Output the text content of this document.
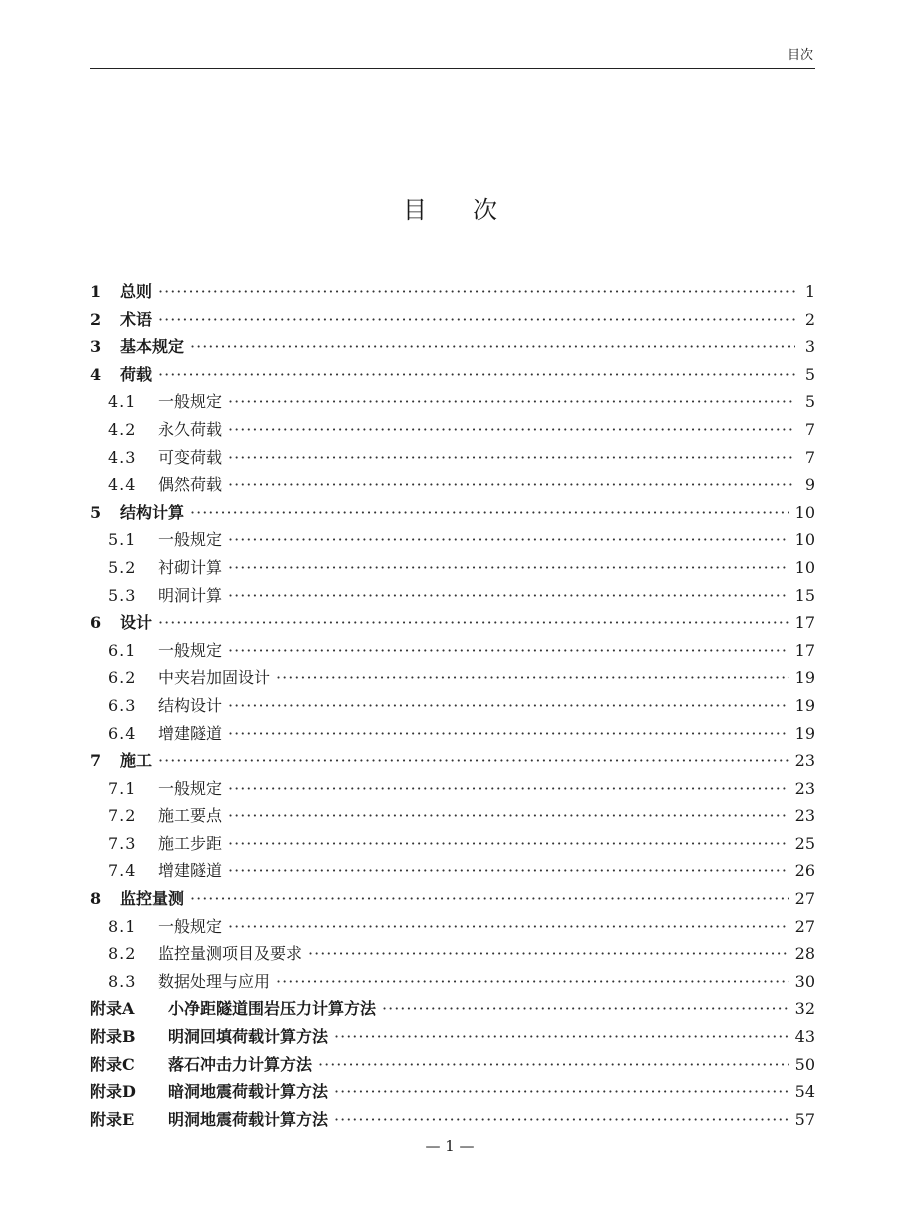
目次
目次
1	总则 ·····	1
2	术语 ·····	2
3	基本规定 ·····	3
4	荷载 ·····	5
4.1	一般规定 ·····	5
4.2	永久荷载 ·····	7
4.3	可变荷载 ·····	7
4.4	偶然荷载 ·····	9
5	结构计算 ·····	10
5.1	一般规定 ·····	10
5.2	衬砌计算 ·····	10
5.3	明洞计算 ·····	15
6	设计 ·····	17
6.1	一般规定 ·····	17
6.2	中夹岩加固设计 ·····	19
6.3	结构设计 ·····	19
6.4	增建隧道 ·····	19
7	施工 ·····	23
7.1	一般规定 ·····	23
7.2	施工要点 ·····	23
7.3	施工步距 ·····	25
7.4	增建隧道 ·····	26
8	监控量测 ·····	27
8.1	一般规定 ·····	27
8.2	监控量测项目及要求 ·····	28
8.3	数据处理与应用 ·····	30
附录A	小净距隧道围岩压力计算方法 ·····	32
附录B	明洞回填荷载计算方法 ·····	43
附录C	落石冲击力计算方法 ·····	50
附录D	暗洞地震荷载计算方法 ·····	54
附录E	明洞地震荷载计算方法 ·····	57
— 1 —
